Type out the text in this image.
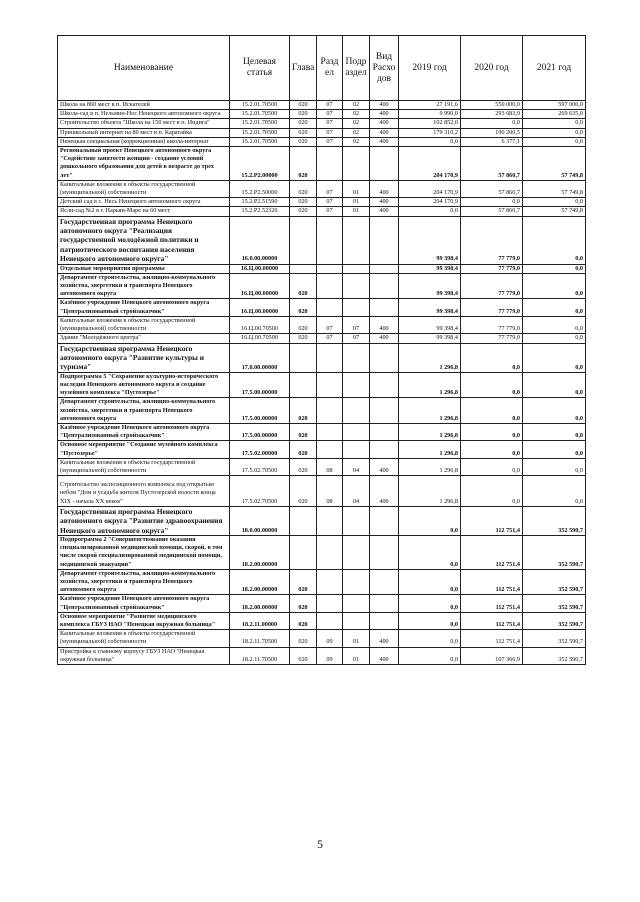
Наименование	Целевая статья	Глава	Разд ел	Подр аздел	Вид Расхо дов	2019 год	2020 год	2021 год
Школа на 860 мест в п. Искателей	15.2.01.70500	020	07	02	400	27 191,6	550 000,0	597 000,0
Школа-сад в п. Нельмин-Нос Ненецкого автономного округа	15.2.01.70500	020	07	02	400	9 990,0	293 683,9	269 635,0
Строительство объекта "Школа на 150 мест в п. Индига"	15.2.01.70500	020	07	02	400	102 852,0	0,0	0,0
Пришкольный интернат на 80 мест в п. Каратайка	15.2.01.70500	020	07	02	400	179 310,2	190 200,5	0,0
Ненецкая специальная (коррекционная) школа-интернат	15.2.01.70500	020	07	02	400	0,0	6 377,1	0,0
Региональный проект Ненецкого автономного округа "Содействие занятости женщин - создание условий дошкольного образования для детей в возрасте до трех лет"	15.2.P2.00000	020				204 170,9	57 860,7	57 749,8
Капитальные вложения в объекты государственной (муниципальной) собственности	15.2.P2.50000	020	07	01	400	204 170,9	57 860,7	57 749,8
Детский сад в с. Несь Ненецкого автономного округа	15.2.P2.51590	020	07	01	400	204 170,9	0,0	0,0
Ясли-сад №2 в г. Нарьян-Маре на 60 мест	15.2.P2.52320	020	07	01	400	0,0	57 860,7	57 749,8
Государственная программа Ненецкого автономного округа "Реализация государственной молодёжной политики и патриотического воспитания населения Ненецкого автономного округа"	16.0.00.00000					99 398,4	77 779,0	0,0
Отдельные мероприятия программы	16.Ц.00.00000					99 398,4	77 779,0	0,0
Департамент строительства, жилищно-коммунального хозяйства, энергетики и транспорта Ненецкого автономного округа	16.Ц.00.00000	020				99 398,4	77 779,0	0,0
Казённое учреждение Ненецкого автономного округа "Централизованный стройзаказчик"	16.Ц.00.00000	020				99 398,4	77 779,0	0,0
Капитальные вложения в объекты государственной (муниципальной) собственности	16.Ц.00.70500	020	07	07	400	99 398,4	77 779,0	0,0
Здание "Молодёжного центра"	16.Ц.00.70500	020	07	07	400	99 398,4	77 779,0	0,0
Государственная программа Ненецкого автономного округа "Развитие культуры и туризма"	17.0.00.00000					1 296,8	0,0	0,0
Подпрограмма 5 "Сохранение культурно-исторического наследия Ненецкого автономного округа и создание музейного комплекса "Пустозерье"	17.5.00.00000					1 296,8	0,0	0,0
Департамент строительства, жилищно-коммунального хозяйства, энергетики и транспорта Ненецкого автономного округа	17.5.00.00000	020				1 296,8	0,0	0,0
Казённое учреждение Ненецкого автономного округа "Централизованный стройзаказчик"	17.5.00.00000	020				1 296,8	0,0	0,0
Основное мероприятие "Создание музейного комплекса "Пустозерье"	17.5.02.00000	020				1 296,8	0,0	0,0
Капитальные вложения в объекты государственной (муниципальной) собственности	17.5.02.70500	020	08	04	400	1 296,8	0,0	0,0
Строительство экспозиционного комплекса под открытым небом "Дом и усадьба жителя Пустозерской волости конца XIX - начала XX веков"	17.5.02.70500	020	08	04	400	1 296,8	0,0	0,0
Государственная программа Ненецкого автономного округа "Развитие здравоохранения Ненецкого автономного округа"	18.0.00.00000					0,0	112 751,4	352 590,7
Подпрограмма 2 "Совершенствование оказания специализированной медицинской помощи, скорой, в том числе скорой специализированной медицинской помощи, медицинской эвакуации"	18.2.00.00000					0,0	112 751,4	352 590,7
Департамент строительства, жилищно-коммунального хозяйства, энергетики и транспорта Ненецкого автономного округа	18.2.00.00000	020				0,0	112 751,4	352 590,7
Казённое учреждение Ненецкого автономного округа "Централизованный стройзаказчик"	18.2.00.00000	020				0,0	112 751,4	352 590,7
Основное мероприятие "Развитие медицинского комплекса ГБУЗ НАО "Ненецкая окружная больница"	18.2.11.00000	020				0,0	112 751,4	352 590,7
Капитальные вложения в объекты государственной (муниципальной) собственности	18.2.11.70500	020	09	01	400	0,0	112 751,4	352 590,7
Пристройка к главному корпусу ГБУЗ НАО "Ненецкая окружная больница"	18.2.11.70500	020	09	01	400	0,0	107 366,9	352 590,7
5
